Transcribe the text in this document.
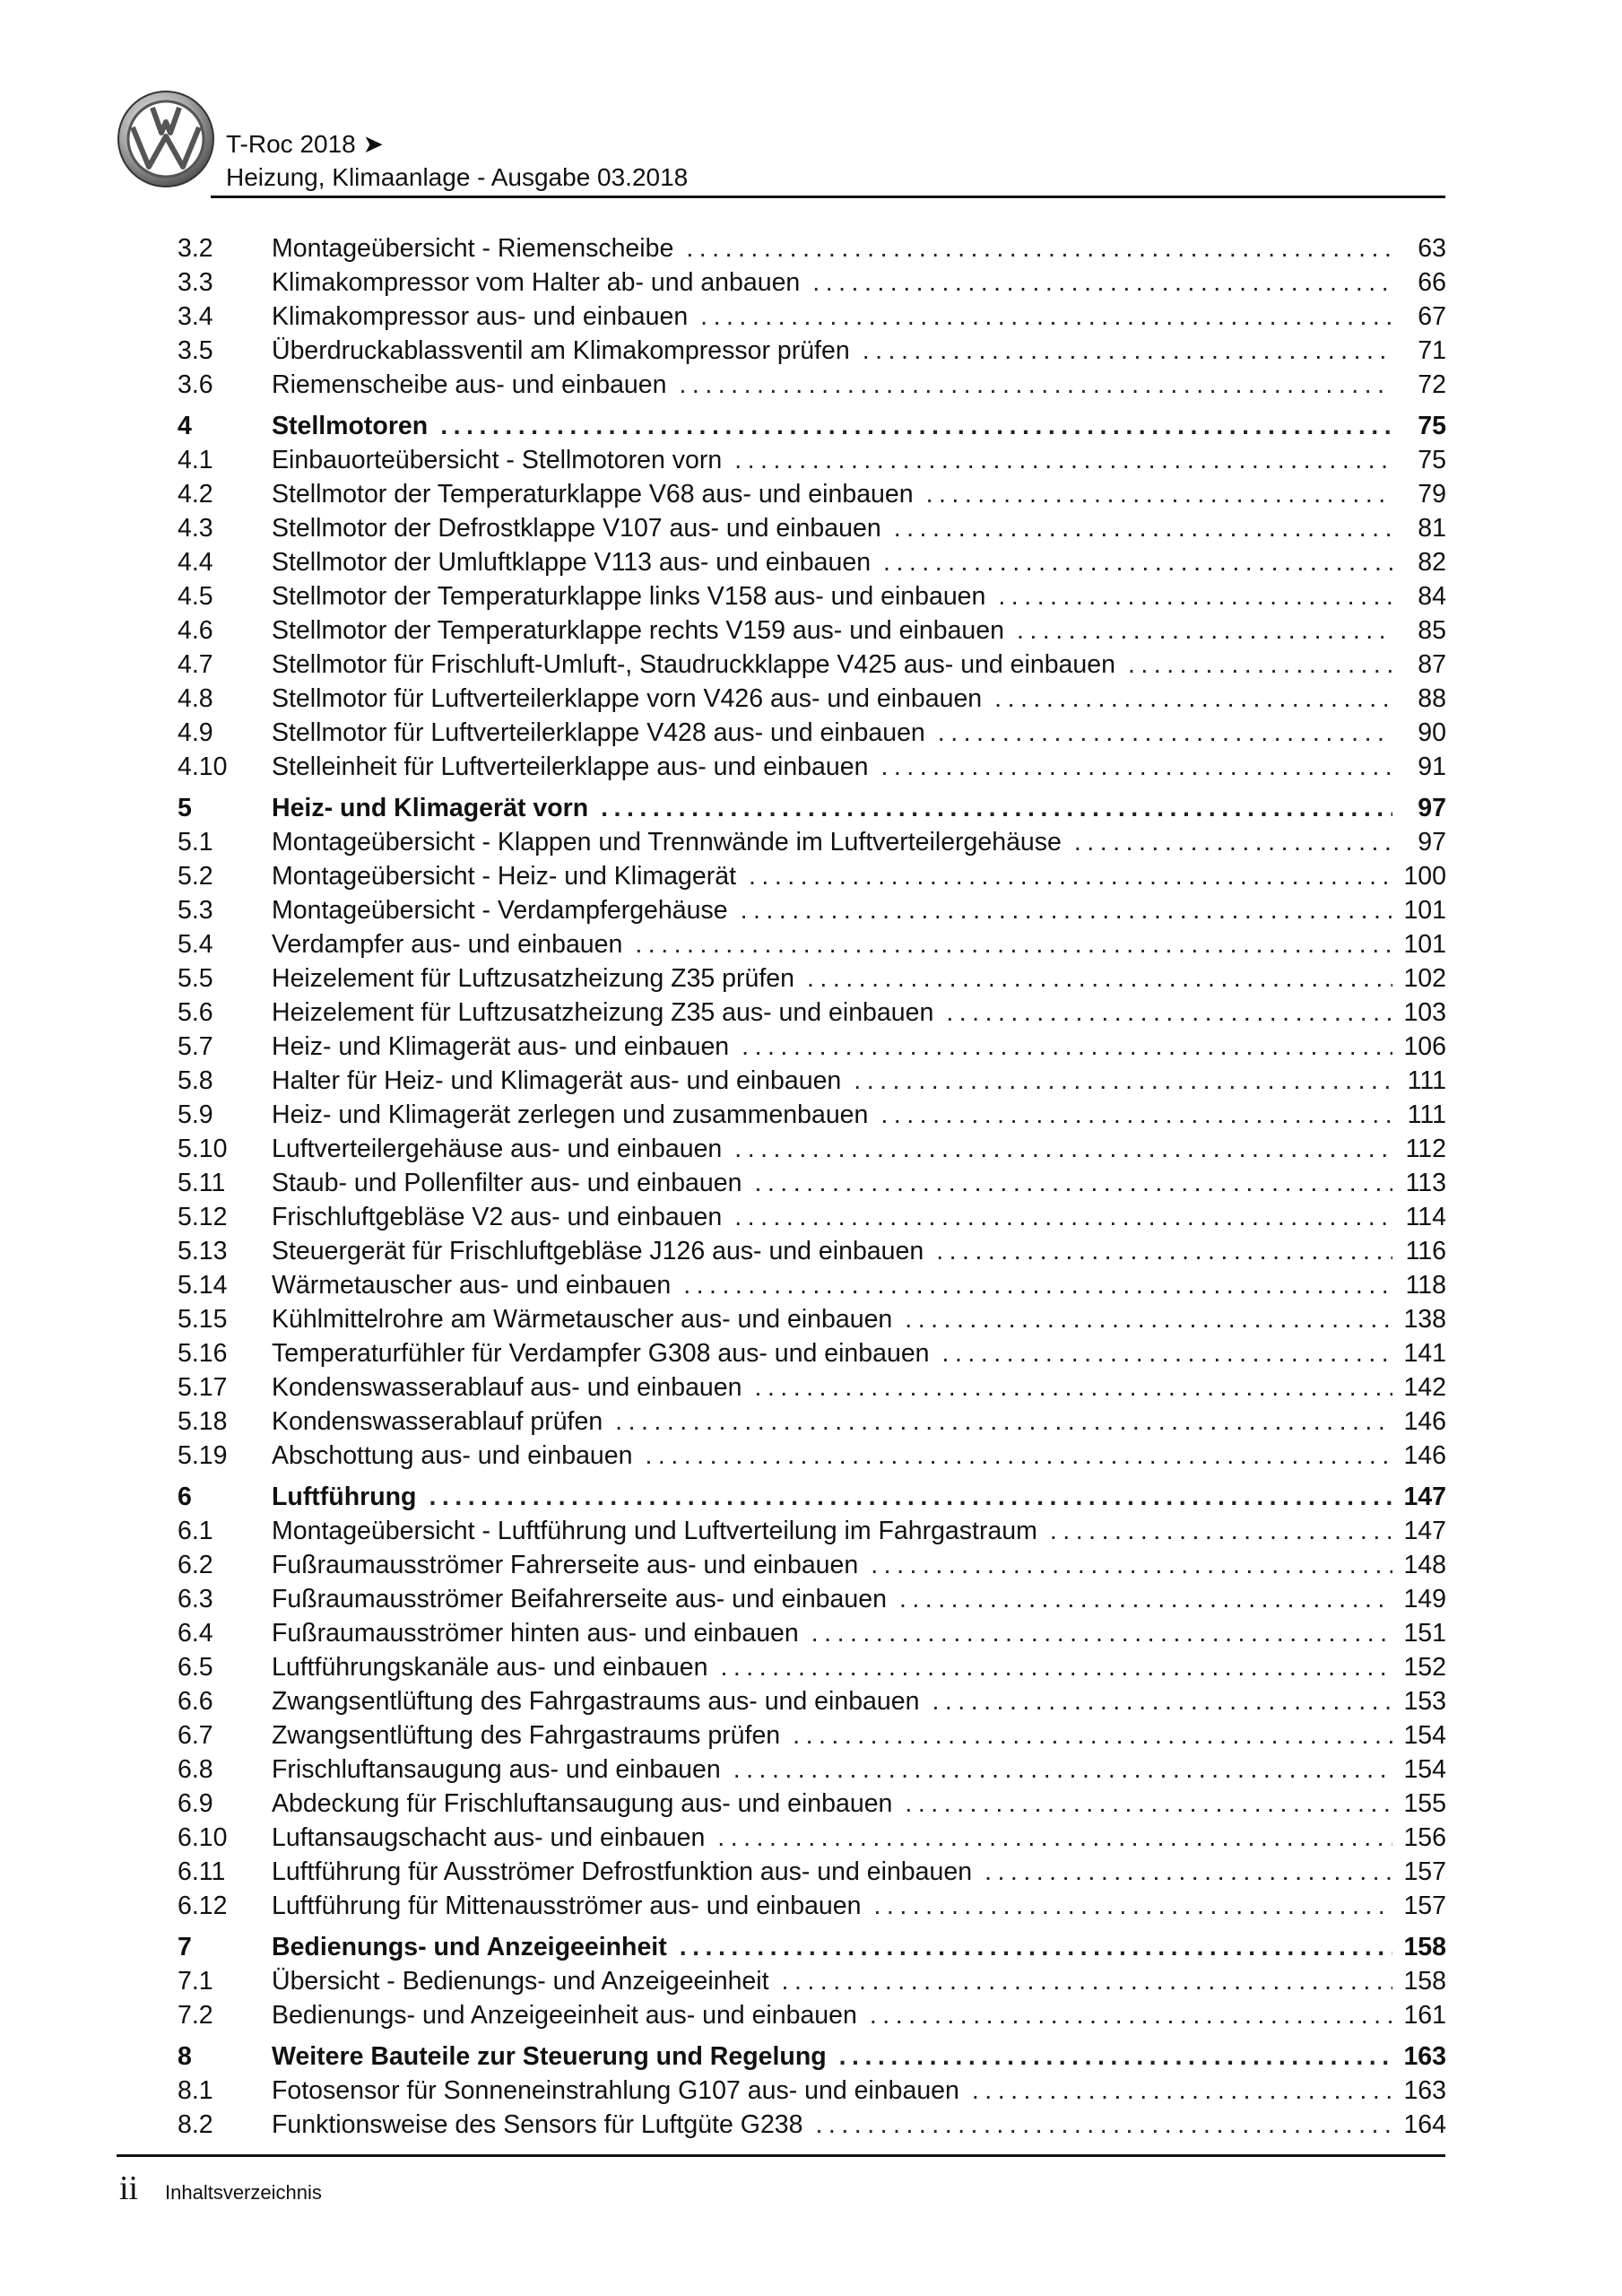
T-Roc 2018 ➤
Heizung, Klimaanlage - Ausgabe 03.2018
3.2	Montageübersicht - Riemenscheibe .....	63
3.3	Klimakompressor vom Halter ab- und anbauen .....	66
3.4	Klimakompressor aus- und einbauen .....	67
3.5	Überdruckablassventil am Klimakompressor prüfen .....	71
3.6	Riemenscheibe aus- und einbauen .....	72
4	Stellmotoren .....	75
4.1	Einbauorteübersicht - Stellmotoren vorn .....	75
4.2	Stellmotor der Temperaturklappe V68 aus- und einbauen .....	79
4.3	Stellmotor der Defrostklappe V107 aus- und einbauen .....	81
4.4	Stellmotor der Umluftklappe V113 aus- und einbauen .....	82
4.5	Stellmotor der Temperaturklappe links V158 aus- und einbauen .....	84
4.6	Stellmotor der Temperaturklappe rechts V159 aus- und einbauen .....	85
4.7	Stellmotor für Frischluft-Umluft-, Staudruckklappe V425 aus- und einbauen .....	87
4.8	Stellmotor für Luftverteilerklappe vorn V426 aus- und einbauen .....	88
4.9	Stellmotor für Luftverteilerklappe V428 aus- und einbauen .....	90
4.10	Stelleinheit für Luftverteilerklappe aus- und einbauen .....	91
5	Heiz- und Klimagerät vorn .....	97
5.1	Montageübersicht - Klappen und Trennwände im Luftverteilergehäuse .....	97
5.2	Montageübersicht - Heiz- und Klimagerät .....	100
5.3	Montageübersicht - Verdampfergehäuse .....	101
5.4	Verdampfer aus- und einbauen .....	101
5.5	Heizelement für Luftzusatzheizung Z35 prüfen .....	102
5.6	Heizelement für Luftzusatzheizung Z35 aus- und einbauen .....	103
5.7	Heiz- und Klimagerät aus- und einbauen .....	106
5.8	Halter für Heiz- und Klimagerät aus- und einbauen .....	111
5.9	Heiz- und Klimagerät zerlegen und zusammenbauen .....	111
5.10	Luftverteilergehäuse aus- und einbauen .....	112
5.11	Staub- und Pollenfilter aus- und einbauen .....	113
5.12	Frischluftgebläse V2 aus- und einbauen .....	114
5.13	Steuergerät für Frischluftgebläse J126 aus- und einbauen .....	116
5.14	Wärmetauscher aus- und einbauen .....	118
5.15	Kühlmittelrohre am Wärmetauscher aus- und einbauen .....	138
5.16	Temperaturfühler für Verdampfer G308 aus- und einbauen .....	141
5.17	Kondenswasserablauf aus- und einbauen .....	142
5.18	Kondenswasserablauf prüfen .....	146
5.19	Abschottung aus- und einbauen .....	146
6	Luftführung .....	147
6.1	Montageübersicht - Luftführung und Luftverteilung im Fahrgastraum .....	147
6.2	Fußraumausströmer Fahrerseite aus- und einbauen .....	148
6.3	Fußraumausströmer Beifahrerseite aus- und einbauen .....	149
6.4	Fußraumausströmer hinten aus- und einbauen .....	151
6.5	Luftführungskanäle aus- und einbauen .....	152
6.6	Zwangsentlüftung des Fahrgastraums aus- und einbauen .....	153
6.7	Zwangsentlüftung des Fahrgastraums prüfen .....	154
6.8	Frischluftansaugung aus- und einbauen .....	154
6.9	Abdeckung für Frischluftansaugung aus- und einbauen .....	155
6.10	Luftansaugschacht aus- und einbauen .....	156
6.11	Luftführung für Ausströmer Defrostfunktion aus- und einbauen .....	157
6.12	Luftführung für Mittenausströmer aus- und einbauen .....	157
7	Bedienungs- und Anzeigeeinheit .....	158
7.1	Übersicht - Bedienungs- und Anzeigeeinheit .....	158
7.2	Bedienungs- und Anzeigeeinheit aus- und einbauen .....	161
8	Weitere Bauteile zur Steuerung und Regelung .....	163
8.1	Fotosensor für Sonneneinstrahlung G107 aus- und einbauen .....	163
8.2	Funktionsweise des Sensors für Luftgüte G238 .....	164
ii Inhaltsverzeichnis
